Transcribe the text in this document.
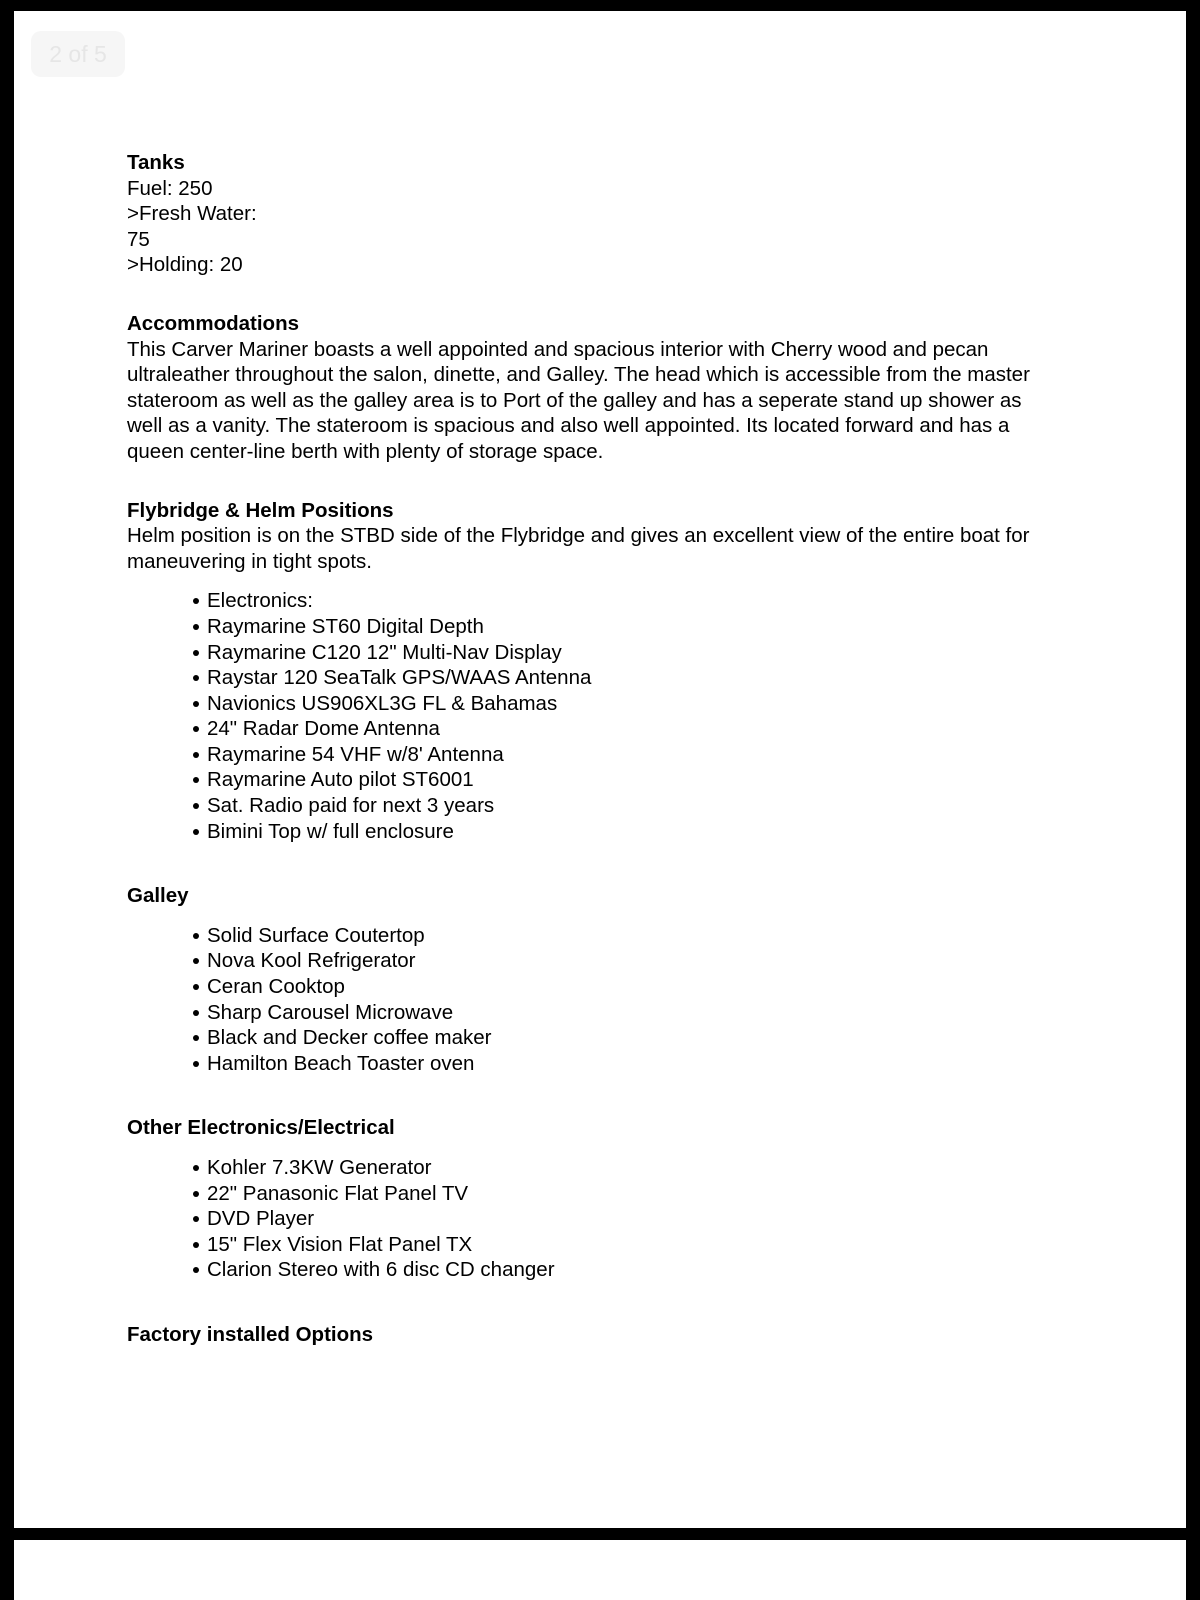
2 of 5
Tanks
Fuel: 250
>Fresh Water:
75
>Holding: 20
Accommodations
This Carver Mariner boasts a well appointed and spacious interior with Cherry wood and pecan
ultraleather throughout the salon, dinette, and Galley. The head which is accessible from the master
stateroom as well as the galley area is to Port of the galley and has a seperate stand up shower as
well as a vanity. The stateroom is spacious and also well appointed. Its located forward and has a
queen center-line berth with plenty of storage space.
Flybridge & Helm Positions
Helm position is on the STBD side of the Flybridge and gives an excellent view of the entire boat for
maneuvering in tight spots.
Electronics:
Raymarine ST60 Digital Depth
Raymarine C120 12" Multi-Nav Display
Raystar 120 SeaTalk GPS/WAAS Antenna
Navionics US906XL3G FL & Bahamas
24" Radar Dome Antenna
Raymarine 54 VHF w/8' Antenna
Raymarine Auto pilot ST6001
Sat. Radio paid for next 3 years
Bimini Top w/ full enclosure
Galley
Solid Surface Coutertop
Nova Kool Refrigerator
Ceran Cooktop
Sharp Carousel Microwave
Black and Decker coffee maker
Hamilton Beach Toaster oven
Other Electronics/Electrical
Kohler 7.3KW Generator
22" Panasonic Flat Panel TV
DVD Player
15" Flex Vision Flat Panel TX
Clarion Stereo with 6 disc CD changer
Factory installed Options
